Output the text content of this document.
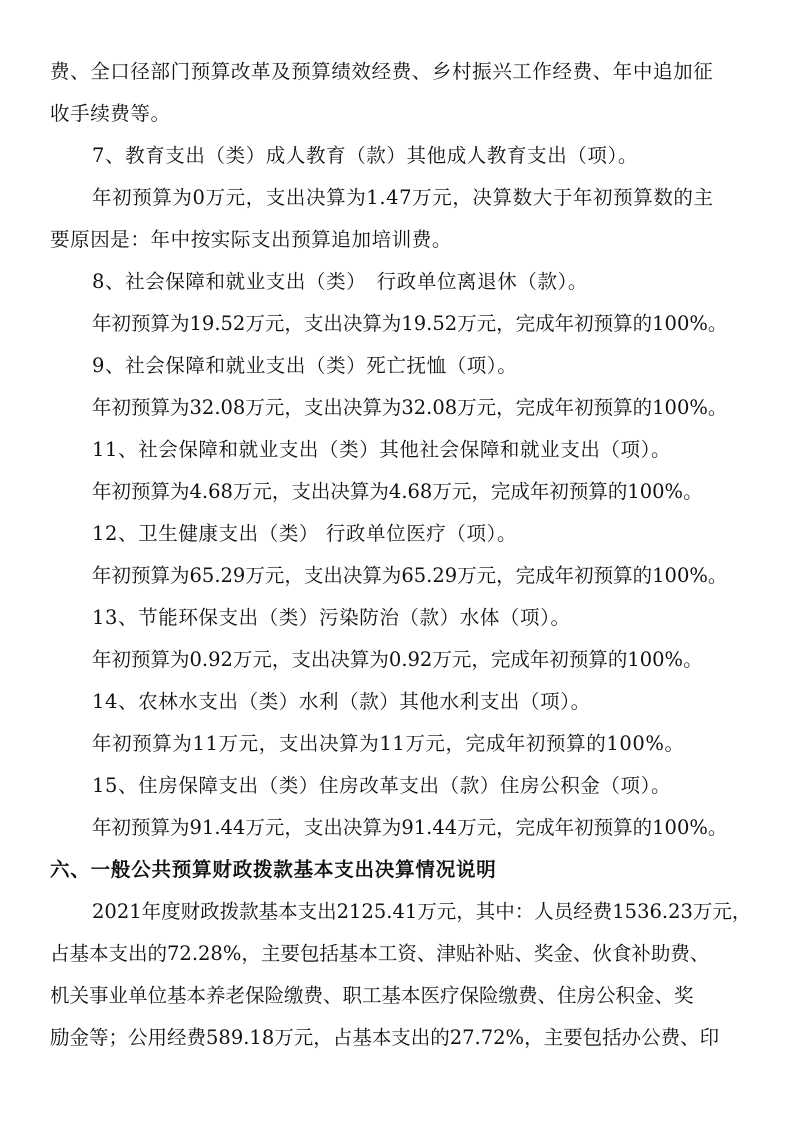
费、全口径部门预算改革及预算绩效经费、乡村振兴工作经费、年中追加征
收手续费等。
7、教育支出（类）成人教育（款）其他成人教育支出（项）。
年初预算为0万元，支出决算为1.47万元，决算数大于年初预算数的主
要原因是：年中按实际支出预算追加培训费。
8、社会保障和就业支出（类）　行政单位离退休（款）。
年初预算为19.52万元，支出决算为19.52万元，完成年初预算的100%。
9、社会保障和就业支出（类）死亡抚恤（项）。
年初预算为32.08万元，支出决算为32.08万元，完成年初预算的100%。
11、社会保障和就业支出（类）其他社会保障和就业支出（项）。
年初预算为4.68万元，支出决算为4.68万元，完成年初预算的100%。
12、卫生健康支出（类） 行政单位医疗（项）。
年初预算为65.29万元，支出决算为65.29万元，完成年初预算的100%。
13、节能环保支出（类）污染防治（款）水体（项）。
年初预算为0.92万元，支出决算为0.92万元，完成年初预算的100%。
14、农林水支出（类）水利（款）其他水利支出（项）。
年初预算为11万元，支出决算为11万元，完成年初预算的100%。
15、住房保障支出（类）住房改革支出（款）住房公积金（项）。
年初预算为91.44万元，支出决算为91.44万元，完成年初预算的100%。
六、一般公共预算财政拨款基本支出决算情况说明
2021年度财政拨款基本支出2125.41万元，其中：人员经费1536.23万元，
占基本支出的72.28%，主要包括基本工资、津贴补贴、奖金、伙食补助费、
机关事业单位基本养老保险缴费、职工基本医疗保险缴费、住房公积金、奖
励金等；公用经费589.18万元，占基本支出的27.72%，主要包括办公费、印
